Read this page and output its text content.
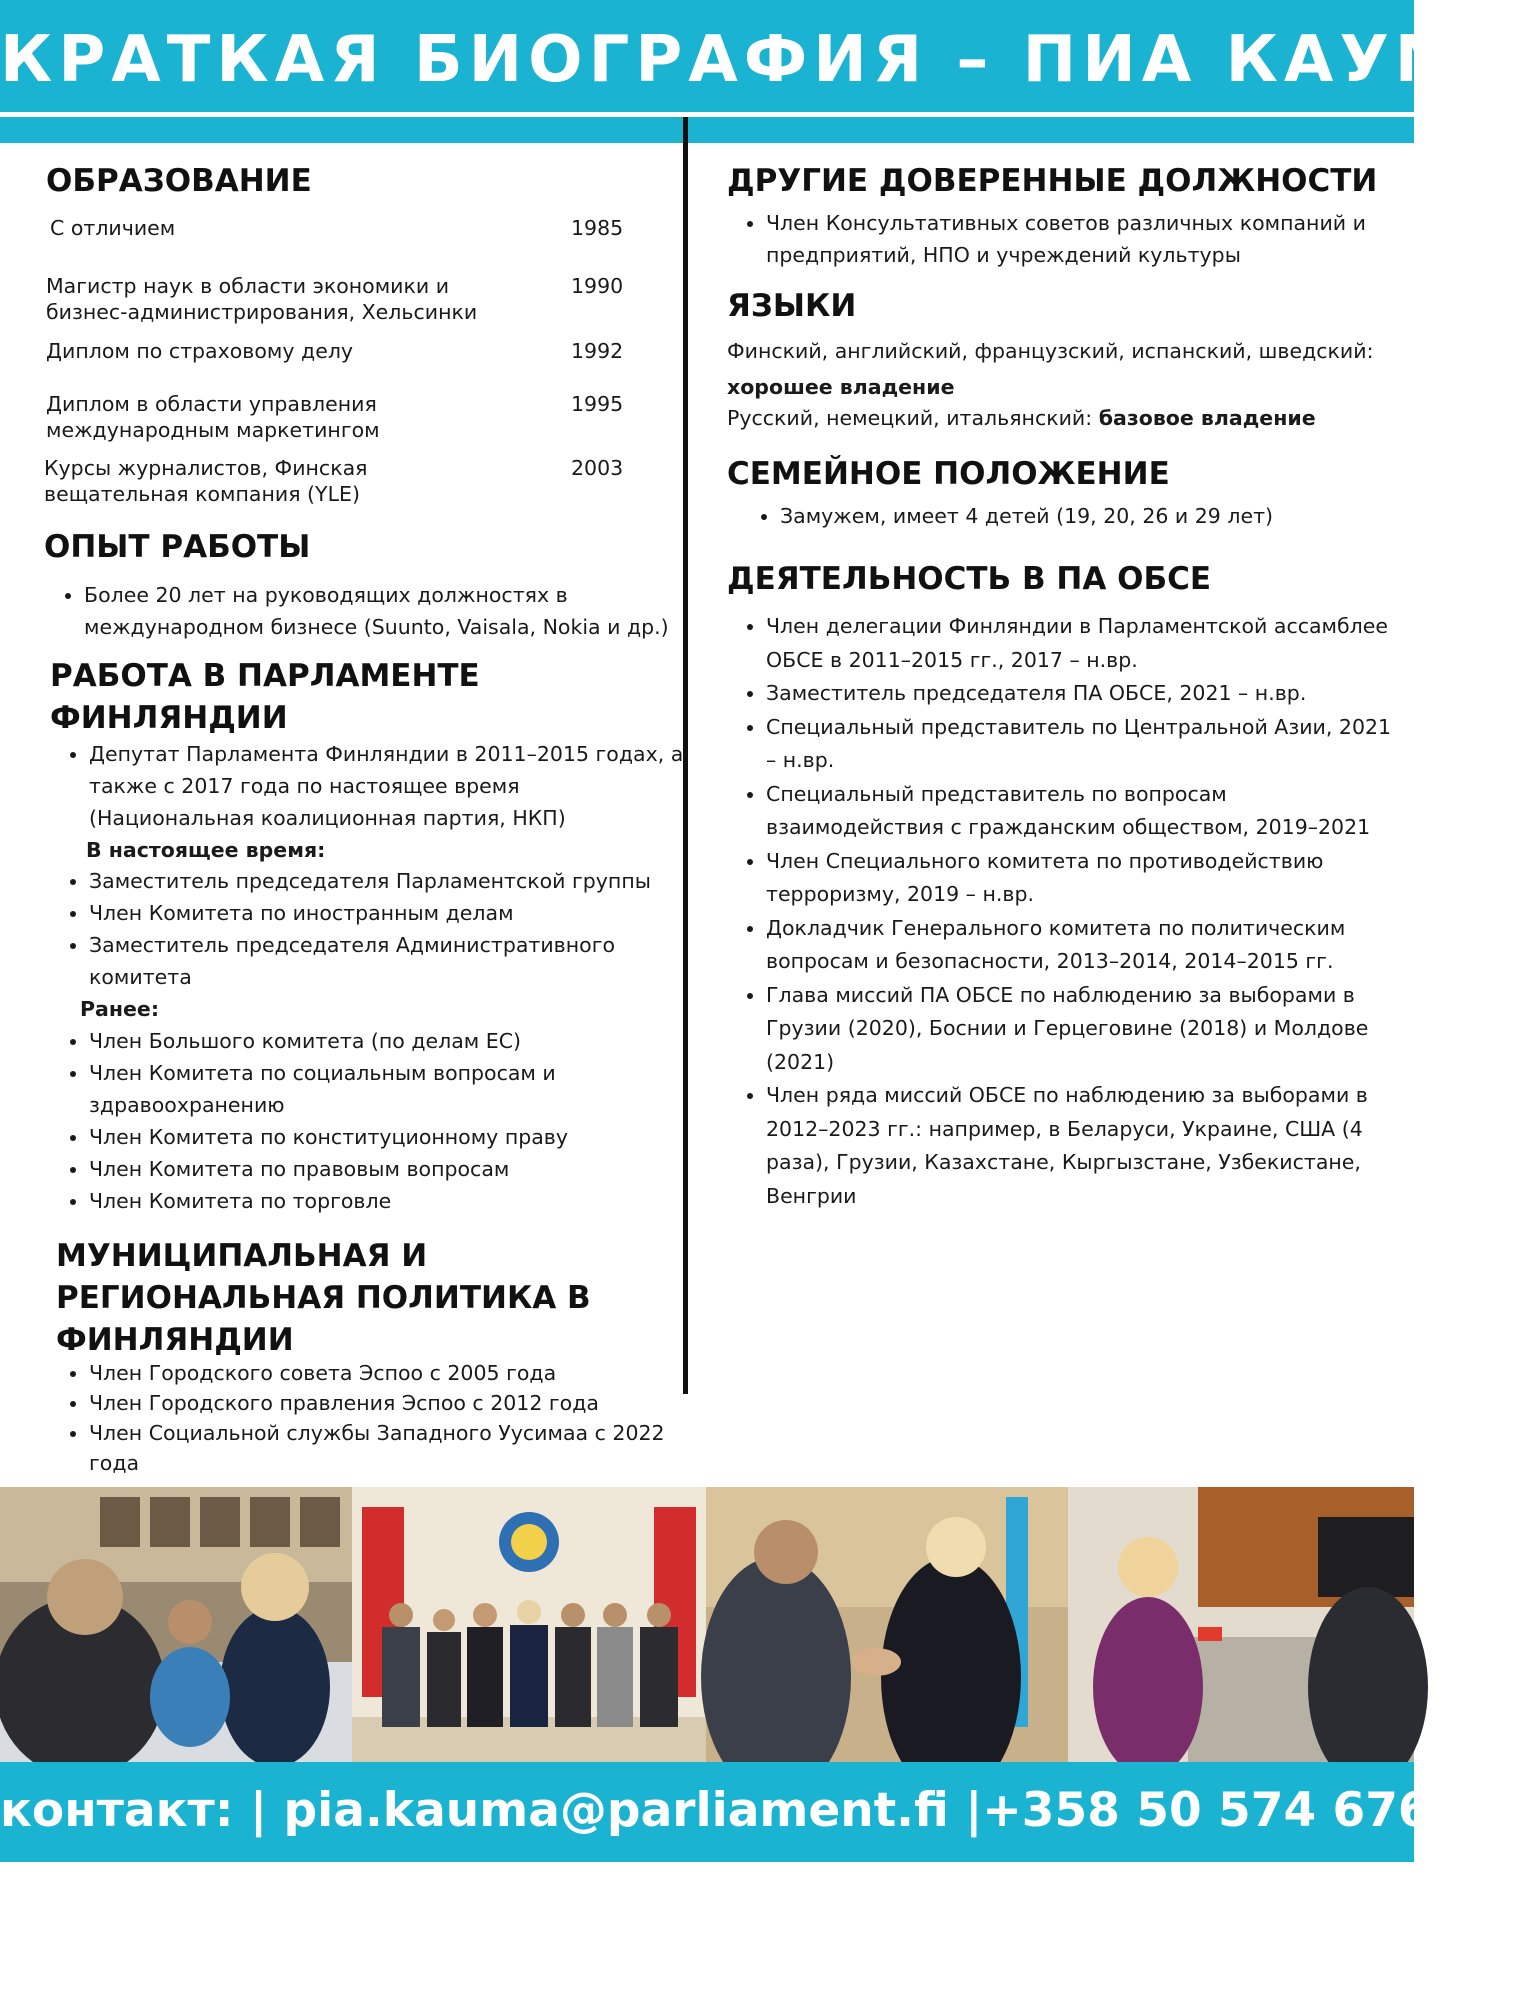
КРАТКАЯ БИОГРАФИЯ – ПИА КАУМА
ОБРАЗОВАНИЕ
С отличием	1985
Магистр наук в области экономики и бизнес-администрирования, Хельсинки
1990
Диплом по страховому делу	1992
Диплом в области управления международным маркетингом
1995
Курсы журналистов, Финская вещательная компания (YLE)
2003
ОПЫТ РАБОТЫ
• Более 20 лет на руководящих должностях в международном бизнесе (Suunto, Vaisala, Nokia и др.)
РАБОТА В ПАРЛАМЕНТЕ ФИНЛЯНДИИ
• Депутат Парламента Финляндии в 2011–2015 годах, а также с 2017 года по настоящее время (Национальная коалиционная партия, НКП)
В настоящее время:
• Заместитель председателя Парламентской группы
• Член Комитета по иностранным делам
• Заместитель председателя Административного комитета
Ранее:
• Член Большого комитета (по делам ЕС)
• Член Комитета по социальным вопросам и здравоохранению
• Член Комитета по конституционному праву
• Член Комитета по правовым вопросам
• Член Комитета по торговле
МУНИЦИПАЛЬНАЯ И РЕГИОНАЛЬНАЯ ПОЛИТИКА В ФИНЛЯНДИИ
• Член Городского совета Эспоо с 2005 года
• Член Городского правления Эспоо с 2012 года
• Член Социальной службы Западного Уусимаа с 2022 года
ДРУГИЕ ДОВЕРЕННЫЕ ДОЛЖНОСТИ
• Член Консультативных советов различных компаний и предприятий, НПО и учреждений культуры
ЯЗЫКИ
Финский, английский, французский, испанский, шведский:
хорошее владение
Русский, немецкий, итальянский: базовое владение
СЕМЕЙНОЕ ПОЛОЖЕНИЕ
• Замужем, имеет 4 детей (19, 20, 26 и 29 лет)
ДЕЯТЕЛЬНОСТЬ В ПА ОБСЕ
• Член делегации Финляндии в Парламентской ассамблее ОБСЕ в 2011–2015 гг., 2017 – н.вр.
• Заместитель председателя ПА ОБСЕ, 2021 – н.вр.
• Специальный представитель по Центральной Азии, 2021 – н.вр.
• Специальный представитель по вопросам взаимодействия с гражданским обществом, 2019–2021
• Член Специального комитета по противодействию терроризму, 2019 – н.вр.
• Докладчик Генерального комитета по политическим вопросам и безопасности, 2013–2014, 2014–2015 гг.
• Глава миссий ПА ОБСЕ по наблюдению за выборами в Грузии (2020), Боснии и Герцеговине (2018) и Молдове (2021)
• Член ряда миссий ОБСЕ по наблюдению за выборами в 2012–2023 гг.: например, в Беларуси, Украине, США (4 раза), Грузии, Казахстане, Кыргызстане, Узбекистане, Венгрии
контакт: | pia.kauma@parliament.fi |+358 50 574 6764
